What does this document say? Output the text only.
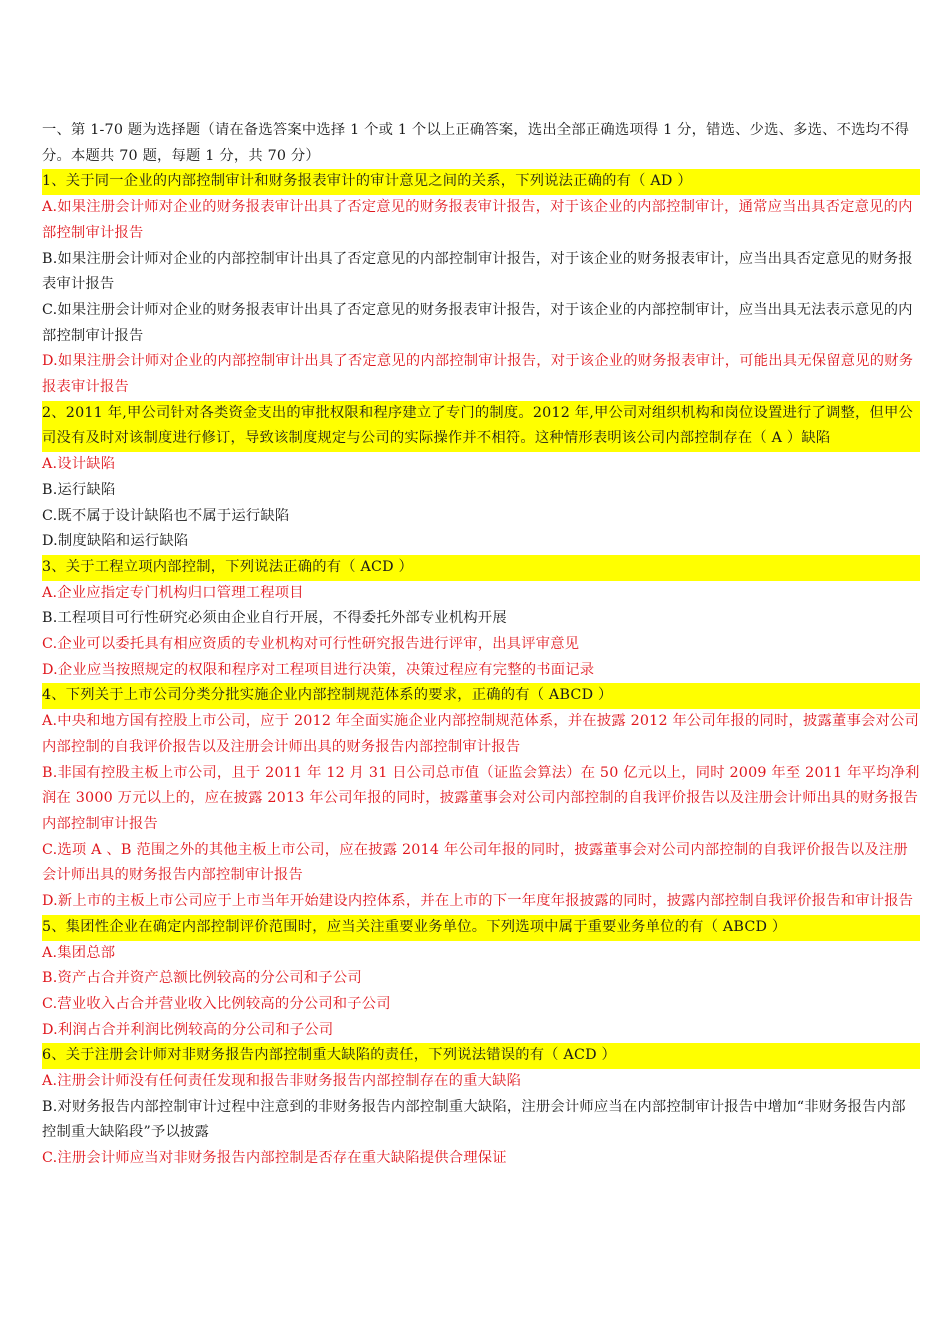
一、第 1-70 题为选择题（请在备选答案中选择 1 个或 1 个以上正确答案，选出全部正确选项得 1 分，错选、少选、多选、不选均不得分。本题共 70 题，每题 1 分，共 70 分）

1、关于同一企业的内部控制审计和财务报表审计的审计意见之间的关系，下列说法正确的有（ AD ）

A.如果注册会计师对企业的财务报表审计出具了否定意见的财务报表审计报告，对于该企业的内部控制审计，通常应当出具否定意见的内部控制审计报告

B.如果注册会计师对企业的内部控制审计出具了否定意见的内部控制审计报告，对于该企业的财务报表审计，应当出具否定意见的财务报表审计报告

C.如果注册会计师对企业的财务报表审计出具了否定意见的财务报表审计报告，对于该企业的内部控制审计，应当出具无法表示意见的内部控制审计报告

D.如果注册会计师对企业的内部控制审计出具了否定意见的内部控制审计报告，对于该企业的财务报表审计，可能出具无保留意见的财务报表审计报告

2、2011 年,甲公司针对各类资金支出的审批权限和程序建立了专门的制度。2012 年,甲公司对组织机构和岗位设置进行了调整，但甲公司没有及时对该制度进行修订，导致该制度规定与公司的实际操作并不相符。这种情形表明该公司内部控制存在（ A ）缺陷

A.设计缺陷

B.运行缺陷

C.既不属于设计缺陷也不属于运行缺陷

D.制度缺陷和运行缺陷

3、关于工程立项内部控制，下列说法正确的有（ ACD ）

A.企业应指定专门机构归口管理工程项目

B.工程项目可行性研究必须由企业自行开展，不得委托外部专业机构开展

C.企业可以委托具有相应资质的专业机构对可行性研究报告进行评审，出具评审意见

D.企业应当按照规定的权限和程序对工程项目进行决策，决策过程应有完整的书面记录

4、下列关于上市公司分类分批实施企业内部控制规范体系的要求，正确的有（ ABCD ）

A.中央和地方国有控股上市公司，应于 2012 年全面实施企业内部控制规范体系，并在披露 2012 年公司年报的同时，披露董事会对公司内部控制的自我评价报告以及注册会计师出具的财务报告内部控制审计报告

B.非国有控股主板上市公司，且于 2011 年 12 月 31 日公司总市值（证监会算法）在 50 亿元以上，同时 2009 年至 2011 年平均净利润在 3000 万元以上的，应在披露 2013 年公司年报的同时，披露董事会对公司内部控制的自我评价报告以及注册会计师出具的财务报告内部控制审计报告

C.选项 A 、B 范围之外的其他主板上市公司，应在披露 2014 年公司年报的同时，披露董事会对公司内部控制的自我评价报告以及注册会计师出具的财务报告内部控制审计报告

D.新上市的主板上市公司应于上市当年开始建设内控体系，并在上市的下一年度年报披露的同时，披露内部控制自我评价报告和审计报告

5、集团性企业在确定内部控制评价范围时，应当关注重要业务单位。下列选项中属于重要业务单位的有（ ABCD ）

A.集团总部

B.资产占合并资产总额比例较高的分公司和子公司

C.营业收入占合并营业收入比例较高的分公司和子公司

D.利润占合并利润比例较高的分公司和子公司

6、关于注册会计师对非财务报告内部控制重大缺陷的责任，下列说法错误的有（ ACD ）

A.注册会计师没有任何责任发现和报告非财务报告内部控制存在的重大缺陷

B.对财务报告内部控制审计过程中注意到的非财务报告内部控制重大缺陷，注册会计师应当在内部控制审计报告中增加“非财务报告内部控制重大缺陷段”予以披露

C.注册会计师应当对非财务报告内部控制是否存在重大缺陷提供合理保证
